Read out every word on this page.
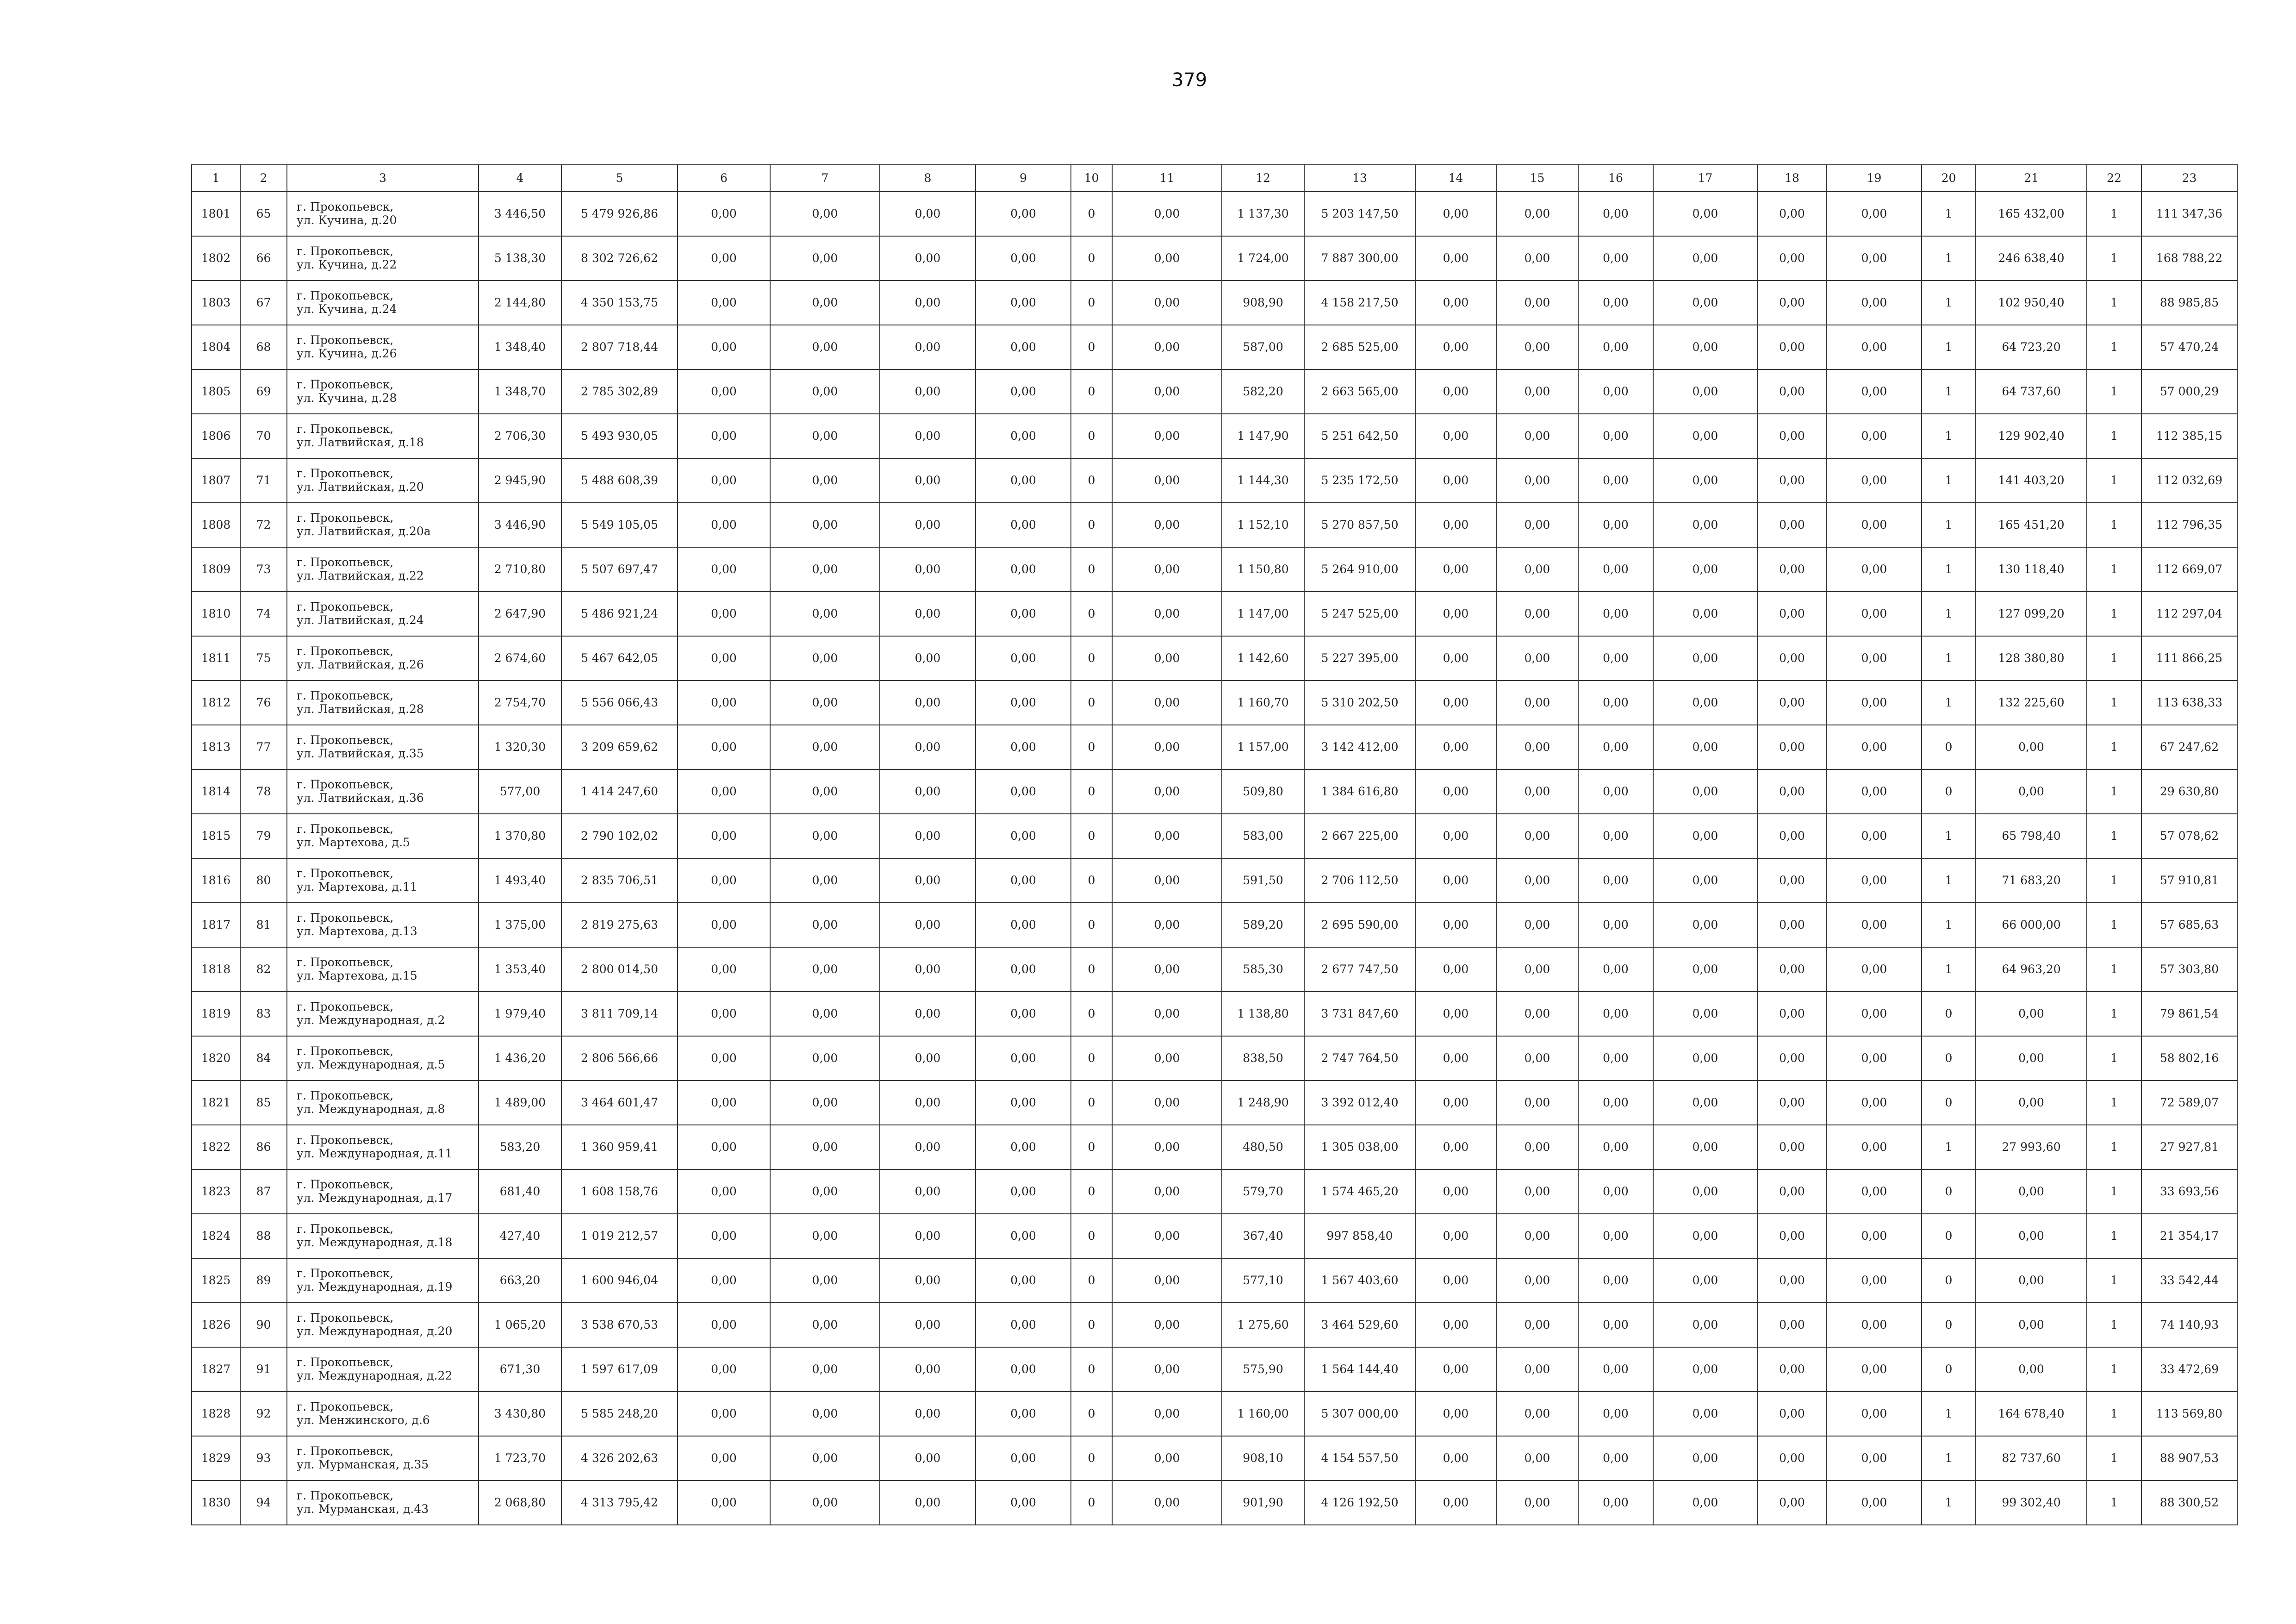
379
1	2	3	4	5	6	7	8	9	10	11	12	13	14	15	16	17	18	19	20	21	22	23
1801	65	г. Прокопьевск,
ул. Кучина, д.20	3 446,50	5 479 926,86	0,00	0,00	0,00	0,00	0	0,00	1 137,30	5 203 147,50	0,00	0,00	0,00	0,00	0,00	0,00	1	165 432,00	1	111 347,36
1802	66	г. Прокопьевск,
ул. Кучина, д.22	5 138,30	8 302 726,62	0,00	0,00	0,00	0,00	0	0,00	1 724,00	7 887 300,00	0,00	0,00	0,00	0,00	0,00	0,00	1	246 638,40	1	168 788,22
1803	67	г. Прокопьевск,
ул. Кучина, д.24	2 144,80	4 350 153,75	0,00	0,00	0,00	0,00	0	0,00	908,90	4 158 217,50	0,00	0,00	0,00	0,00	0,00	0,00	1	102 950,40	1	88 985,85
1804	68	г. Прокопьевск,
ул. Кучина, д.26	1 348,40	2 807 718,44	0,00	0,00	0,00	0,00	0	0,00	587,00	2 685 525,00	0,00	0,00	0,00	0,00	0,00	0,00	1	64 723,20	1	57 470,24
1805	69	г. Прокопьевск,
ул. Кучина, д.28	1 348,70	2 785 302,89	0,00	0,00	0,00	0,00	0	0,00	582,20	2 663 565,00	0,00	0,00	0,00	0,00	0,00	0,00	1	64 737,60	1	57 000,29
1806	70	г. Прокопьевск,
ул. Латвийская, д.18	2 706,30	5 493 930,05	0,00	0,00	0,00	0,00	0	0,00	1 147,90	5 251 642,50	0,00	0,00	0,00	0,00	0,00	0,00	1	129 902,40	1	112 385,15
1807	71	г. Прокопьевск,
ул. Латвийская, д.20	2 945,90	5 488 608,39	0,00	0,00	0,00	0,00	0	0,00	1 144,30	5 235 172,50	0,00	0,00	0,00	0,00	0,00	0,00	1	141 403,20	1	112 032,69
1808	72	г. Прокопьевск,
ул. Латвийская, д.20а	3 446,90	5 549 105,05	0,00	0,00	0,00	0,00	0	0,00	1 152,10	5 270 857,50	0,00	0,00	0,00	0,00	0,00	0,00	1	165 451,20	1	112 796,35
1809	73	г. Прокопьевск,
ул. Латвийская, д.22	2 710,80	5 507 697,47	0,00	0,00	0,00	0,00	0	0,00	1 150,80	5 264 910,00	0,00	0,00	0,00	0,00	0,00	0,00	1	130 118,40	1	112 669,07
1810	74	г. Прокопьевск,
ул. Латвийская, д.24	2 647,90	5 486 921,24	0,00	0,00	0,00	0,00	0	0,00	1 147,00	5 247 525,00	0,00	0,00	0,00	0,00	0,00	0,00	1	127 099,20	1	112 297,04
1811	75	г. Прокопьевск,
ул. Латвийская, д.26	2 674,60	5 467 642,05	0,00	0,00	0,00	0,00	0	0,00	1 142,60	5 227 395,00	0,00	0,00	0,00	0,00	0,00	0,00	1	128 380,80	1	111 866,25
1812	76	г. Прокопьевск,
ул. Латвийская, д.28	2 754,70	5 556 066,43	0,00	0,00	0,00	0,00	0	0,00	1 160,70	5 310 202,50	0,00	0,00	0,00	0,00	0,00	0,00	1	132 225,60	1	113 638,33
1813	77	г. Прокопьевск,
ул. Латвийская, д.35	1 320,30	3 209 659,62	0,00	0,00	0,00	0,00	0	0,00	1 157,00	3 142 412,00	0,00	0,00	0,00	0,00	0,00	0,00	0	0,00	1	67 247,62
1814	78	г. Прокопьевск,
ул. Латвийская, д.36	577,00	1 414 247,60	0,00	0,00	0,00	0,00	0	0,00	509,80	1 384 616,80	0,00	0,00	0,00	0,00	0,00	0,00	0	0,00	1	29 630,80
1815	79	г. Прокопьевск,
ул. Мартехова, д.5	1 370,80	2 790 102,02	0,00	0,00	0,00	0,00	0	0,00	583,00	2 667 225,00	0,00	0,00	0,00	0,00	0,00	0,00	1	65 798,40	1	57 078,62
1816	80	г. Прокопьевск,
ул. Мартехова, д.11	1 493,40	2 835 706,51	0,00	0,00	0,00	0,00	0	0,00	591,50	2 706 112,50	0,00	0,00	0,00	0,00	0,00	0,00	1	71 683,20	1	57 910,81
1817	81	г. Прокопьевск,
ул. Мартехова, д.13	1 375,00	2 819 275,63	0,00	0,00	0,00	0,00	0	0,00	589,20	2 695 590,00	0,00	0,00	0,00	0,00	0,00	0,00	1	66 000,00	1	57 685,63
1818	82	г. Прокопьевск,
ул. Мартехова, д.15	1 353,40	2 800 014,50	0,00	0,00	0,00	0,00	0	0,00	585,30	2 677 747,50	0,00	0,00	0,00	0,00	0,00	0,00	1	64 963,20	1	57 303,80
1819	83	г. Прокопьевск,
ул. Международная, д.2	1 979,40	3 811 709,14	0,00	0,00	0,00	0,00	0	0,00	1 138,80	3 731 847,60	0,00	0,00	0,00	0,00	0,00	0,00	0	0,00	1	79 861,54
1820	84	г. Прокопьевск,
ул. Международная, д.5	1 436,20	2 806 566,66	0,00	0,00	0,00	0,00	0	0,00	838,50	2 747 764,50	0,00	0,00	0,00	0,00	0,00	0,00	0	0,00	1	58 802,16
1821	85	г. Прокопьевск,
ул. Международная, д.8	1 489,00	3 464 601,47	0,00	0,00	0,00	0,00	0	0,00	1 248,90	3 392 012,40	0,00	0,00	0,00	0,00	0,00	0,00	0	0,00	1	72 589,07
1822	86	г. Прокопьевск,
ул. Международная, д.11	583,20	1 360 959,41	0,00	0,00	0,00	0,00	0	0,00	480,50	1 305 038,00	0,00	0,00	0,00	0,00	0,00	0,00	1	27 993,60	1	27 927,81
1823	87	г. Прокопьевск,
ул. Международная, д.17	681,40	1 608 158,76	0,00	0,00	0,00	0,00	0	0,00	579,70	1 574 465,20	0,00	0,00	0,00	0,00	0,00	0,00	0	0,00	1	33 693,56
1824	88	г. Прокопьевск,
ул. Международная, д.18	427,40	1 019 212,57	0,00	0,00	0,00	0,00	0	0,00	367,40	997 858,40	0,00	0,00	0,00	0,00	0,00	0,00	0	0,00	1	21 354,17
1825	89	г. Прокопьевск,
ул. Международная, д.19	663,20	1 600 946,04	0,00	0,00	0,00	0,00	0	0,00	577,10	1 567 403,60	0,00	0,00	0,00	0,00	0,00	0,00	0	0,00	1	33 542,44
1826	90	г. Прокопьевск,
ул. Международная, д.20	1 065,20	3 538 670,53	0,00	0,00	0,00	0,00	0	0,00	1 275,60	3 464 529,60	0,00	0,00	0,00	0,00	0,00	0,00	0	0,00	1	74 140,93
1827	91	г. Прокопьевск,
ул. Международная, д.22	671,30	1 597 617,09	0,00	0,00	0,00	0,00	0	0,00	575,90	1 564 144,40	0,00	0,00	0,00	0,00	0,00	0,00	0	0,00	1	33 472,69
1828	92	г. Прокопьевск,
ул. Менжинского, д.6	3 430,80	5 585 248,20	0,00	0,00	0,00	0,00	0	0,00	1 160,00	5 307 000,00	0,00	0,00	0,00	0,00	0,00	0,00	1	164 678,40	1	113 569,80
1829	93	г. Прокопьевск,
ул. Мурманская, д.35	1 723,70	4 326 202,63	0,00	0,00	0,00	0,00	0	0,00	908,10	4 154 557,50	0,00	0,00	0,00	0,00	0,00	0,00	1	82 737,60	1	88 907,53
1830	94	г. Прокопьевск,
ул. Мурманская, д.43	2 068,80	4 313 795,42	0,00	0,00	0,00	0,00	0	0,00	901,90	4 126 192,50	0,00	0,00	0,00	0,00	0,00	0,00	1	99 302,40	1	88 300,52
